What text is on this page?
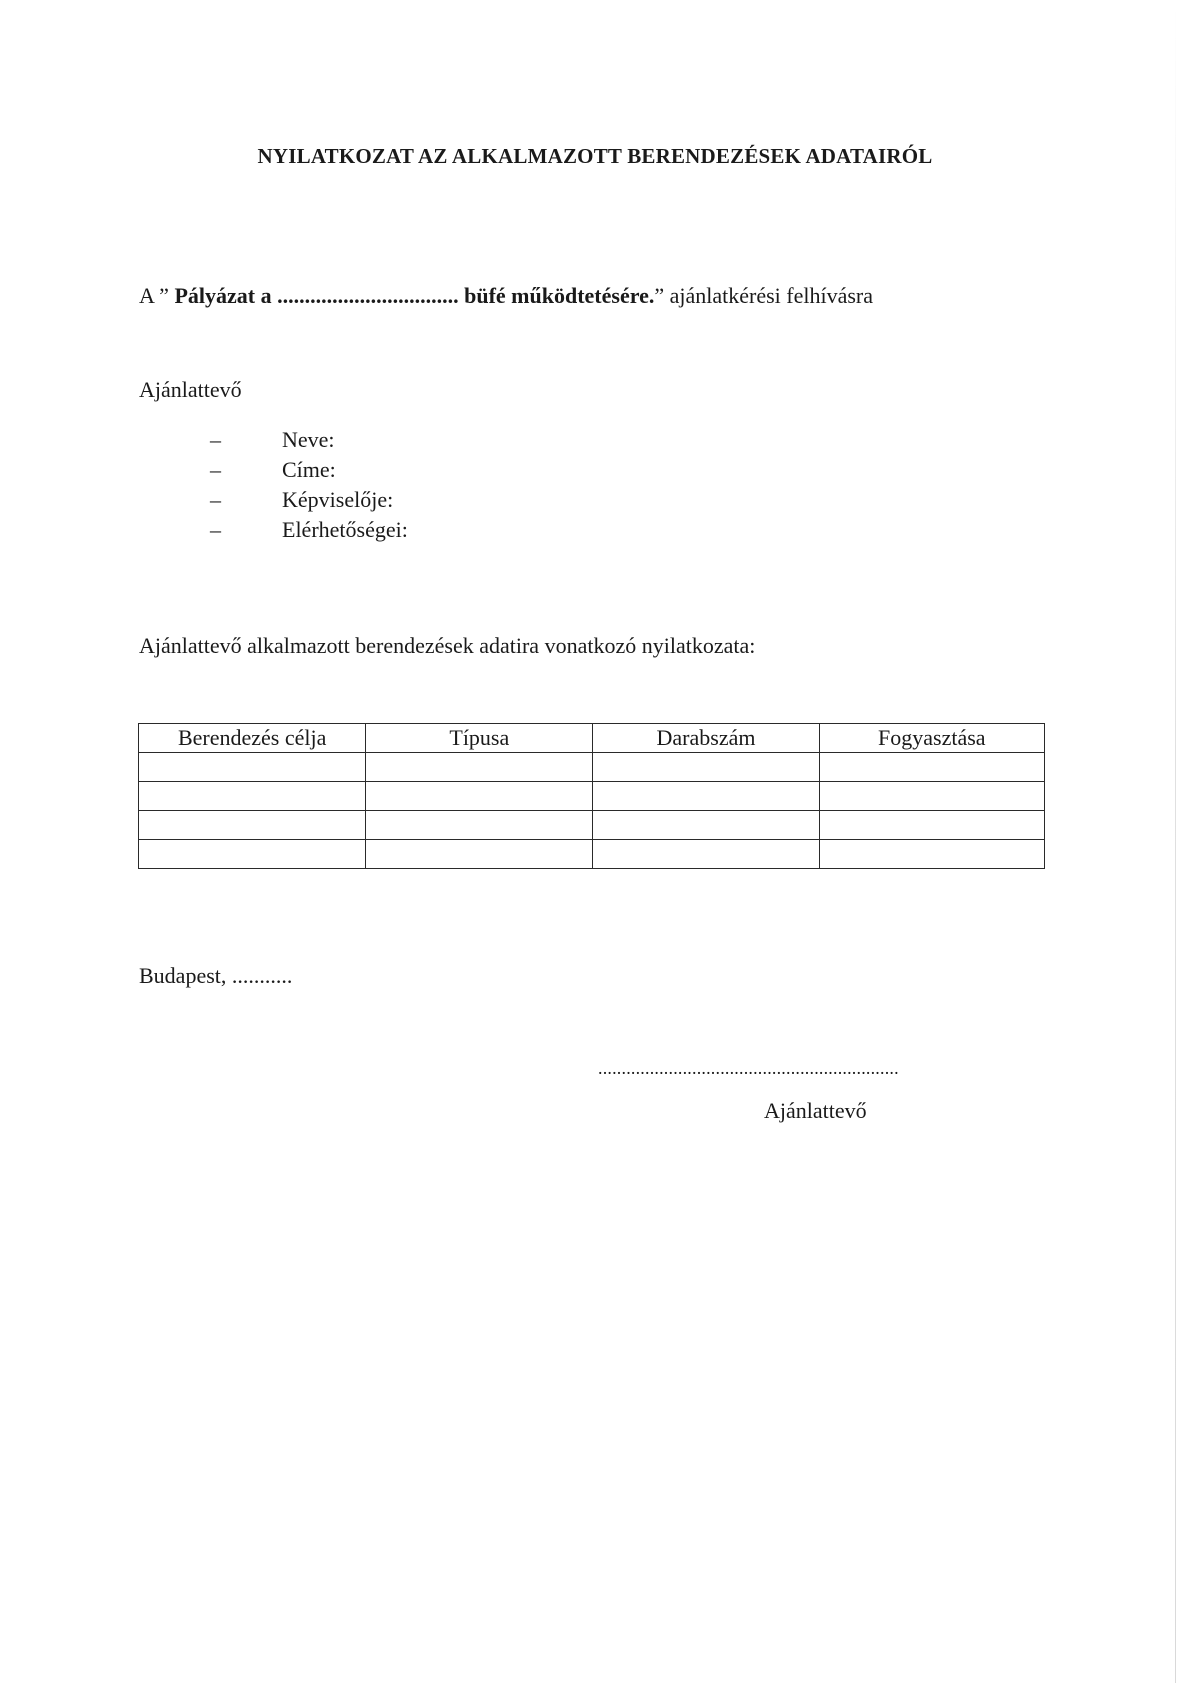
NYILATKOZAT AZ ALKALMAZOTT BERENDEZÉSEK ADATAIRÓL
A ” Pályázat a ................................. büfé működtetésére.” ajánlatkérési felhívásra
Ajánlattevő
–	Neve:
–	Címe:
–	Képviselője:
–	Elérhetőségei:
Ajánlattevő alkalmazott berendezések adatira vonatkozó nyilatkozata:
Berendezés célja	Típusa	Darabszám	Fogyasztása

Budapest, ...........
................................................................
Ajánlattevő
